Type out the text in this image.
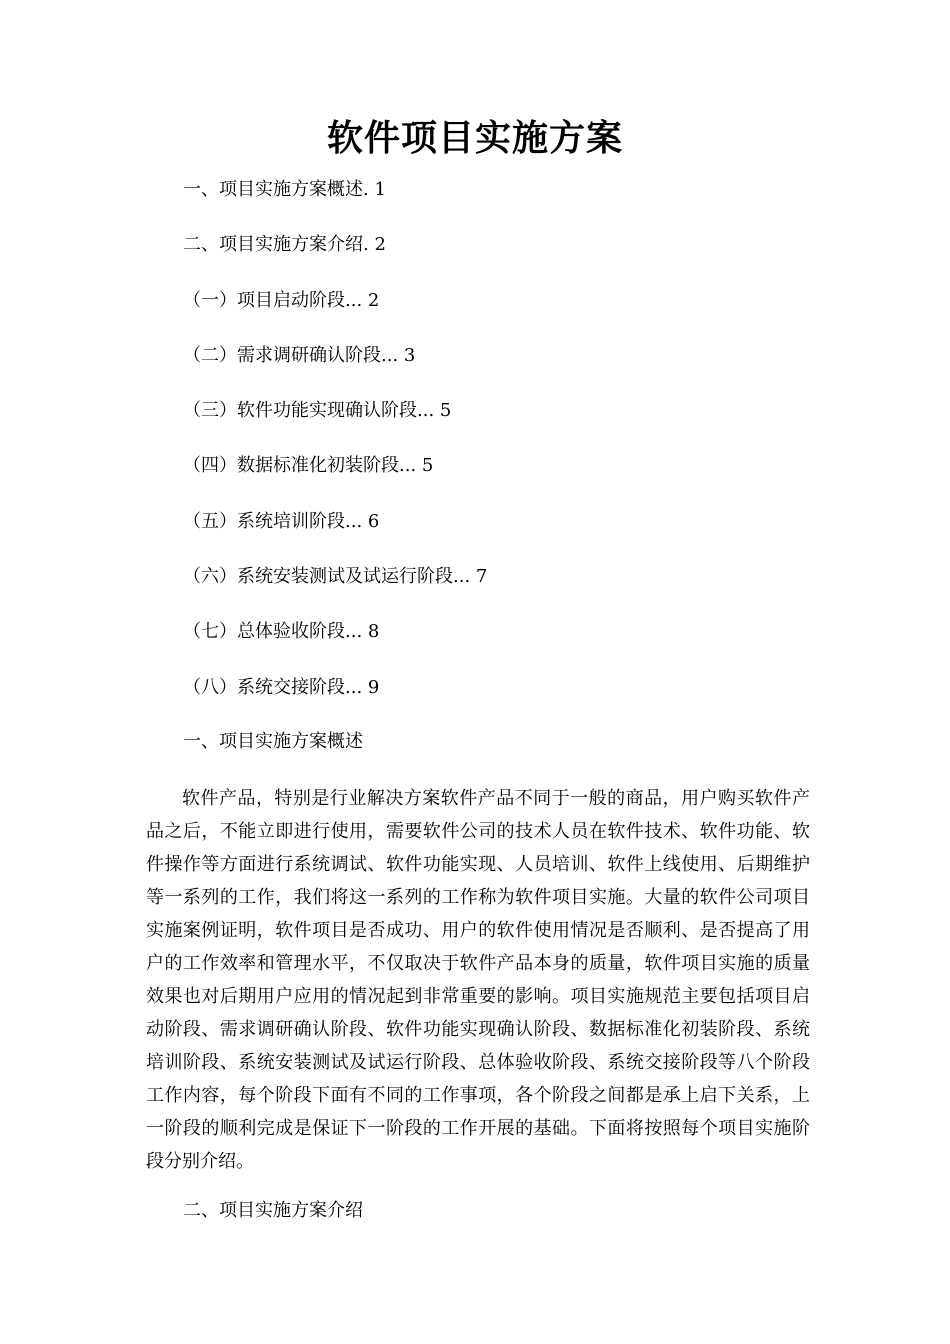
软件项目实施方案
一、项目实施方案概述. 1
二、项目实施方案介绍. 2
（一）项目启动阶段... 2
（二）需求调研确认阶段... 3
（三）软件功能实现确认阶段... 5
（四）数据标准化初装阶段... 5
（五）系统培训阶段... 6
（六）系统安装测试及试运行阶段... 7
（七）总体验收阶段... 8
（八）系统交接阶段... 9
一、项目实施方案概述

软件产品，特别是行业解决方案软件产品不同于一般的商品，用户购买软件产品之后，不能立即进行使用，需要软件公司的技术人员在软件技术、软件功能、软件操作等方面进行系统调试、软件功能实现、人员培训、软件上线使用、后期维护等一系列的工作，我们将这一系列的工作称为软件项目实施。大量的软件公司项目实施案例证明，软件项目是否成功、用户的软件使用情况是否顺利、是否提高了用户的工作效率和管理水平，不仅取决于软件产品本身的质量，软件项目实施的质量效果也对后期用户应用的情况起到非常重要的影响。项目实施规范主要包括项目启动阶段、需求调研确认阶段、软件功能实现确认阶段、数据标准化初装阶段、系统培训阶段、系统安装测试及试运行阶段、总体验收阶段、系统交接阶段等八个阶段工作内容，每个阶段下面有不同的工作事项，各个阶段之间都是承上启下关系，上一阶段的顺利完成是保证下一阶段的工作开展的基础。下面将按照每个项目实施阶段分别介绍。

二、项目实施方案介绍
